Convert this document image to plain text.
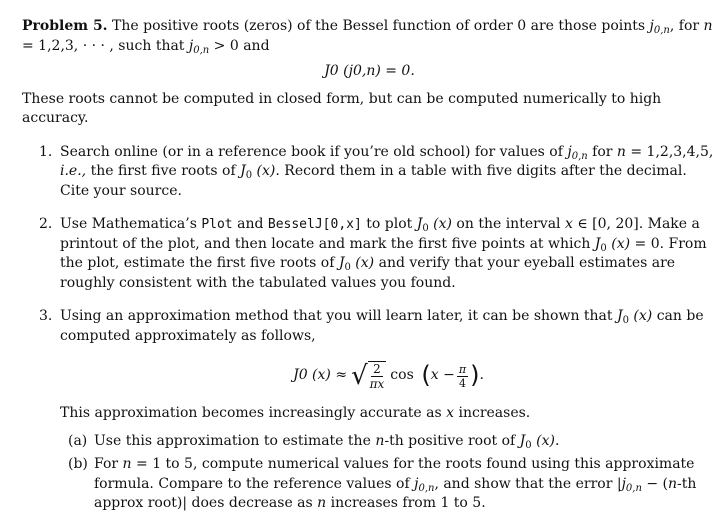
Problem 5. The positive roots (zeros) of the Bessel function of order 0 are those points $j_{0,n}$, for n = 1,2,3, · · · , such that $j_{0,n} > 0$ and

J0 (j0,n) = 0.

These roots cannot be computed in closed form, but can be computed numerically to high accuracy.

1. Search online (or in a reference book if you’re old school) for values of $j_{0,n}$ for n = 1,2,3,4,5, i.e., the first five roots of $J_0$ (x). Record them in a table with five digits after the decimal. Cite your source.
2. Use Mathematica’s Plot and BesselJ[0,x] to plot $J_0$ (x) on the interval x ∈ [0, 20]. Make a printout of the plot, and then locate and mark the first five points at which $J_0$ (x) = 0. From the plot, estimate the first five roots of $J_0$ (x) and verify that your eyeball estimates are roughly consistent with the tabulated values you found.
3. Using an approximation method that you will learn later, it can be shown that $J_0$ (x) can be computed approximately as follows,
J0 (x) ≈ √ $\frac{2}{\pi x}$ cos ( $x - \frac{\pi}{4}$ ) .
This approximation becomes increasingly accurate as x increases.
(a) Use this approximation to estimate the n-th positive root of $J_0$ (x).
(b) For n = 1 to 5, compute numerical values for the roots found using this approximate formula. Compare to the reference values of $j_{0,n}$, and show that the error $|j_{0,n} - (n-th$ approx root)| does decrease as n increases from 1 to 5.
